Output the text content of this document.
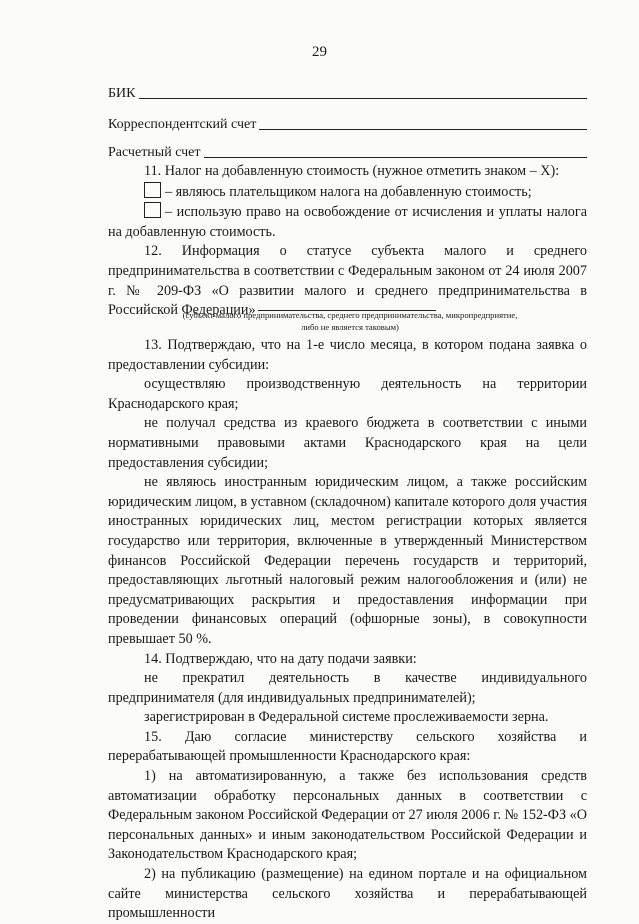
29
БИК
Корреспондентский счет
Расчетный счет

11. Налог на добавленную стоимость (нужное отметить знаком – X):

– являюсь плательщиком налога на добавленную стоимость;

– использую право на освобождение от исчисления и уплаты налога

на добавленную стоимость.

12. Информация о статусе субъекта малого и среднего предпринимательства в соответствии с Федеральным законом от 24 июля 2007 г. № 209-ФЗ «О развитии малого и среднего предпринимательства в Российской Федерации»

(субъект малого предпринимательства, среднего предпринимательства, микропредприятие,
либо не является таковым)

13. Подтверждаю, что на 1-е число месяца, в котором подана заявка о предоставлении субсидии:

осуществляю производственную деятельность на территории Краснодарского края;

не получал средства из краевого бюджета в соответствии с иными нормативными правовыми актами Краснодарского края на цели предоставления субсидии;

не являюсь иностранным юридическим лицом, а также российским юридическим лицом, в уставном (складочном) капитале которого доля участия иностранных юридических лиц, местом регистрации которых является государство или территория, включенные в утвержденный Министерством финансов Российской Федерации перечень государств и территорий, предоставляющих льготный налоговый режим налогообложения и (или) не предусматривающих раскрытия и предоставления информации при проведении финансовых операций (офшорные зоны), в совокупности превышает 50 %.

14. Подтверждаю, что на дату подачи заявки:

не прекратил деятельность в качестве индивидуального предпринимателя (для индивидуальных предпринимателей);

зарегистрирован в Федеральной системе прослеживаемости зерна.

15. Даю согласие министерству сельского хозяйства и перерабатывающей промышленности Краснодарского края:

1) на автоматизированную, а также без использования средств автоматизации обработку персональных данных в соответствии с Федеральным законом Российской Федерации от 27 июля 2006 г. № 152-ФЗ «О персональных данных» и иным законодательством Российской Федерации и Законодательством Краснодарского края;

2) на публикацию (размещение) на едином портале и на официальном сайте министерства сельского хозяйства и перерабатывающей промышленности
